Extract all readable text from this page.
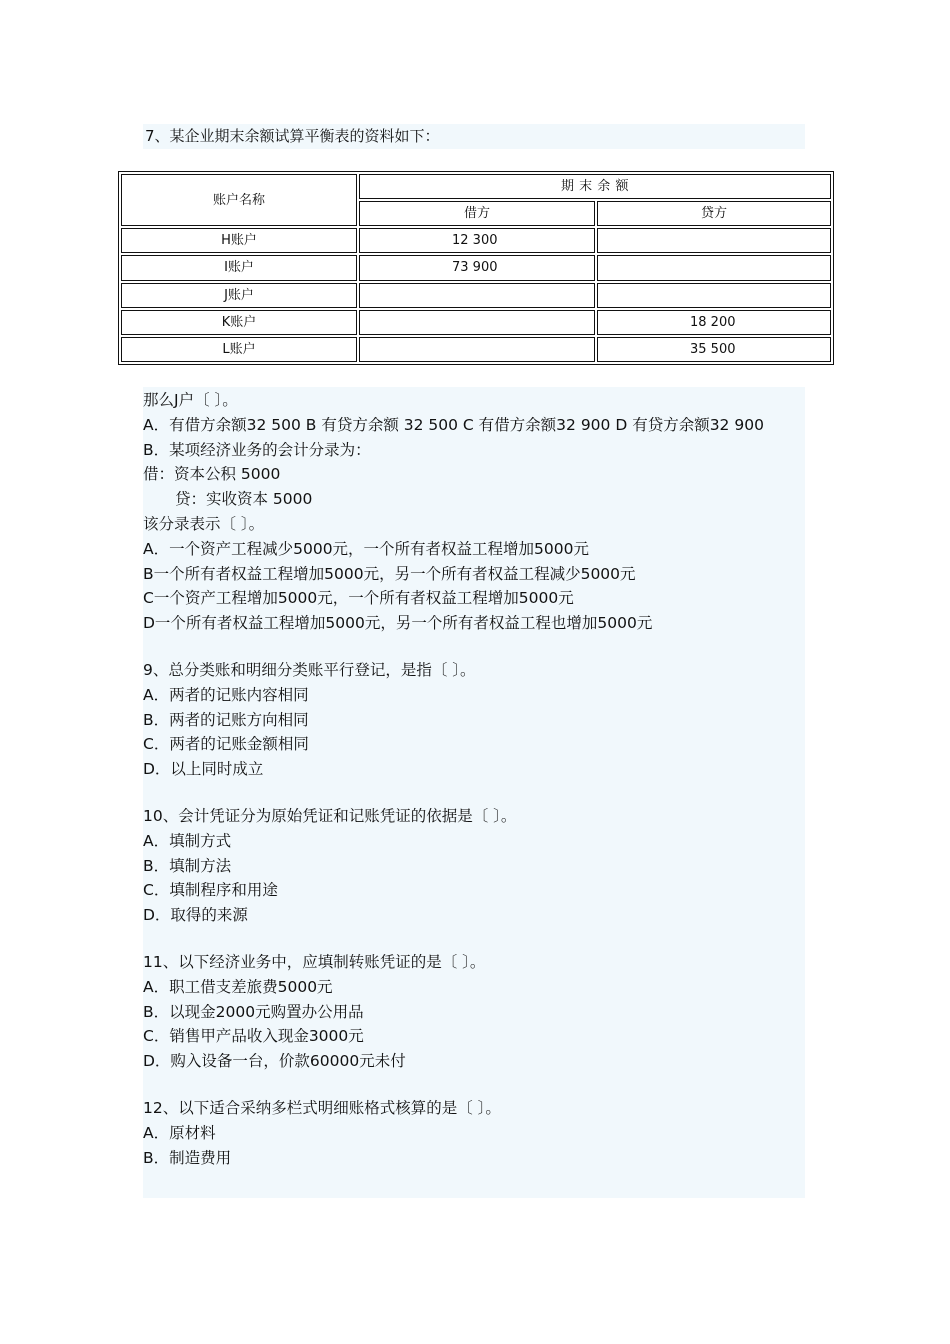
7、某企业期末余额试算平衡表的资料如下：
账户名称	期 末 余 额	
	借方	贷方
H账户	12 300	
I账户	73 900	
J账户		
K账户		18 200
L账户		35 500
那么J户〔 〕。
A．有借方余额32 500 B 有贷方余额 32 500 C 有借方余额32 900 D 有贷方余额32 900
B．某项经济业务的会计分录为：
借：资本公积 5000
贷：实收资本 5000
该分录表示〔 〕。
A．一个资产工程减少5000元，一个所有者权益工程增加5000元
B一个所有者权益工程增加5000元，另一个所有者权益工程减少5000元
C一个资产工程增加5000元，一个所有者权益工程增加5000元
D一个所有者权益工程增加5000元，另一个所有者权益工程也增加5000元
9、总分类账和明细分类账平行登记，是指〔 〕。
A．两者的记账内容相同
B．两者的记账方向相同
C．两者的记账金额相同
D．以上同时成立
10、会计凭证分为原始凭证和记账凭证的依据是〔 〕。
A．填制方式
B．填制方法
C．填制程序和用途
D．取得的来源
11、以下经济业务中，应填制转账凭证的是〔 〕。
A．职工借支差旅费5000元
B．以现金2000元购置办公用品
C．销售甲产品收入现金3000元
D．购入设备一台，价款60000元未付
12、以下适合采纳多栏式明细账格式核算的是〔 〕。
A．原材料
B．制造费用
